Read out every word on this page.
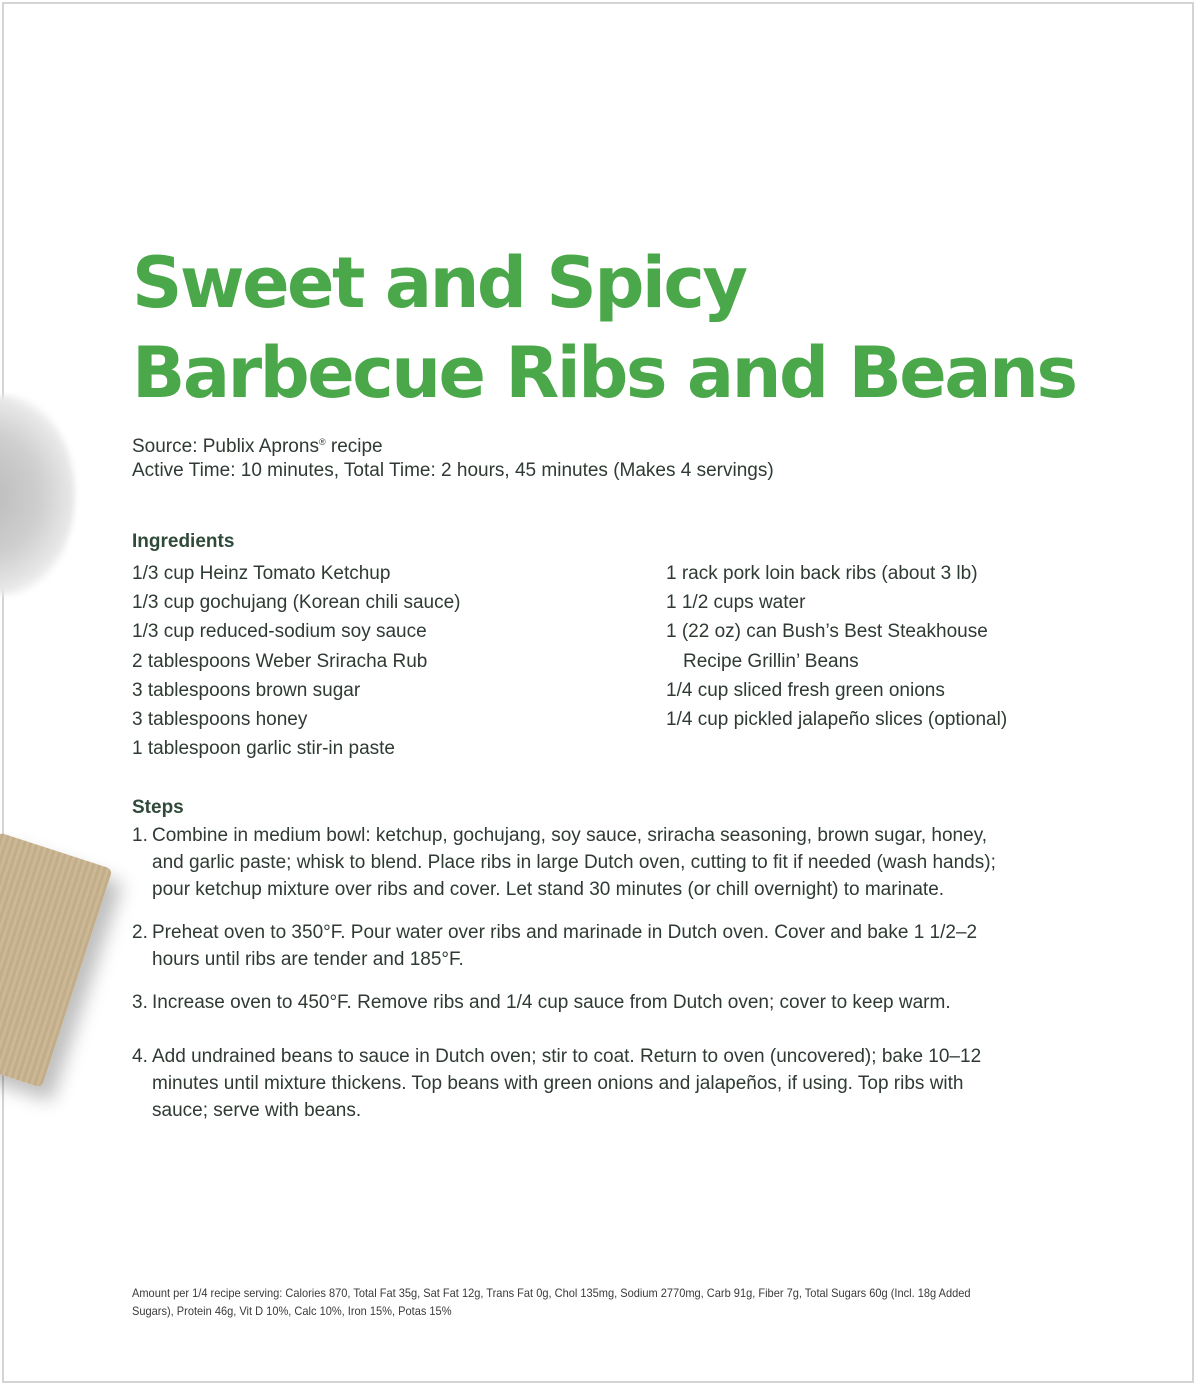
Sweet and Spicy
Barbecue Ribs and Beans
Source: Publix Aprons® recipe
Active Time: 10 minutes, Total Time: 2 hours, 45 minutes (Makes 4 servings)
Ingredients
1/3 cup Heinz Tomato Ketchup
1/3 cup gochujang (Korean chili sauce)
1/3 cup reduced-sodium soy sauce
2 tablespoons Weber Sriracha Rub
3 tablespoons brown sugar
3 tablespoons honey
1 tablespoon garlic stir-in paste
1 rack pork loin back ribs (about 3 lb)
1 1/2 cups water
1 (22 oz) can Bush’s Best Steakhouse
Recipe Grillin’ Beans
1/4 cup sliced fresh green onions
1/4 cup pickled jalapeño slices (optional)
Steps
1. Combine in medium bowl: ketchup, gochujang, soy sauce, sriracha seasoning, brown sugar, honey, and garlic paste; whisk to blend. Place ribs in large Dutch oven, cutting to fit if needed (wash hands); pour ketchup mixture over ribs and cover. Let stand 30 minutes (or chill overnight) to marinate.
2. Preheat oven to 350°F. Pour water over ribs and marinade in Dutch oven. Cover and bake 1 1/2–2 hours until ribs are tender and 185°F.
3. Increase oven to 450°F. Remove ribs and 1/4 cup sauce from Dutch oven; cover to keep warm.
4. Add undrained beans to sauce in Dutch oven; stir to coat. Return to oven (uncovered); bake 10–12 minutes until mixture thickens. Top beans with green onions and jalapeños, if using. Top ribs with sauce; serve with beans.
Amount per 1/4 recipe serving: Calories 870, Total Fat 35g, Sat Fat 12g, Trans Fat 0g, Chol 135mg, Sodium 2770mg, Carb 91g, Fiber 7g, Total Sugars 60g (Incl. 18g Added Sugars), Protein 46g, Vit D 10%, Calc 10%, Iron 15%, Potas 15%
